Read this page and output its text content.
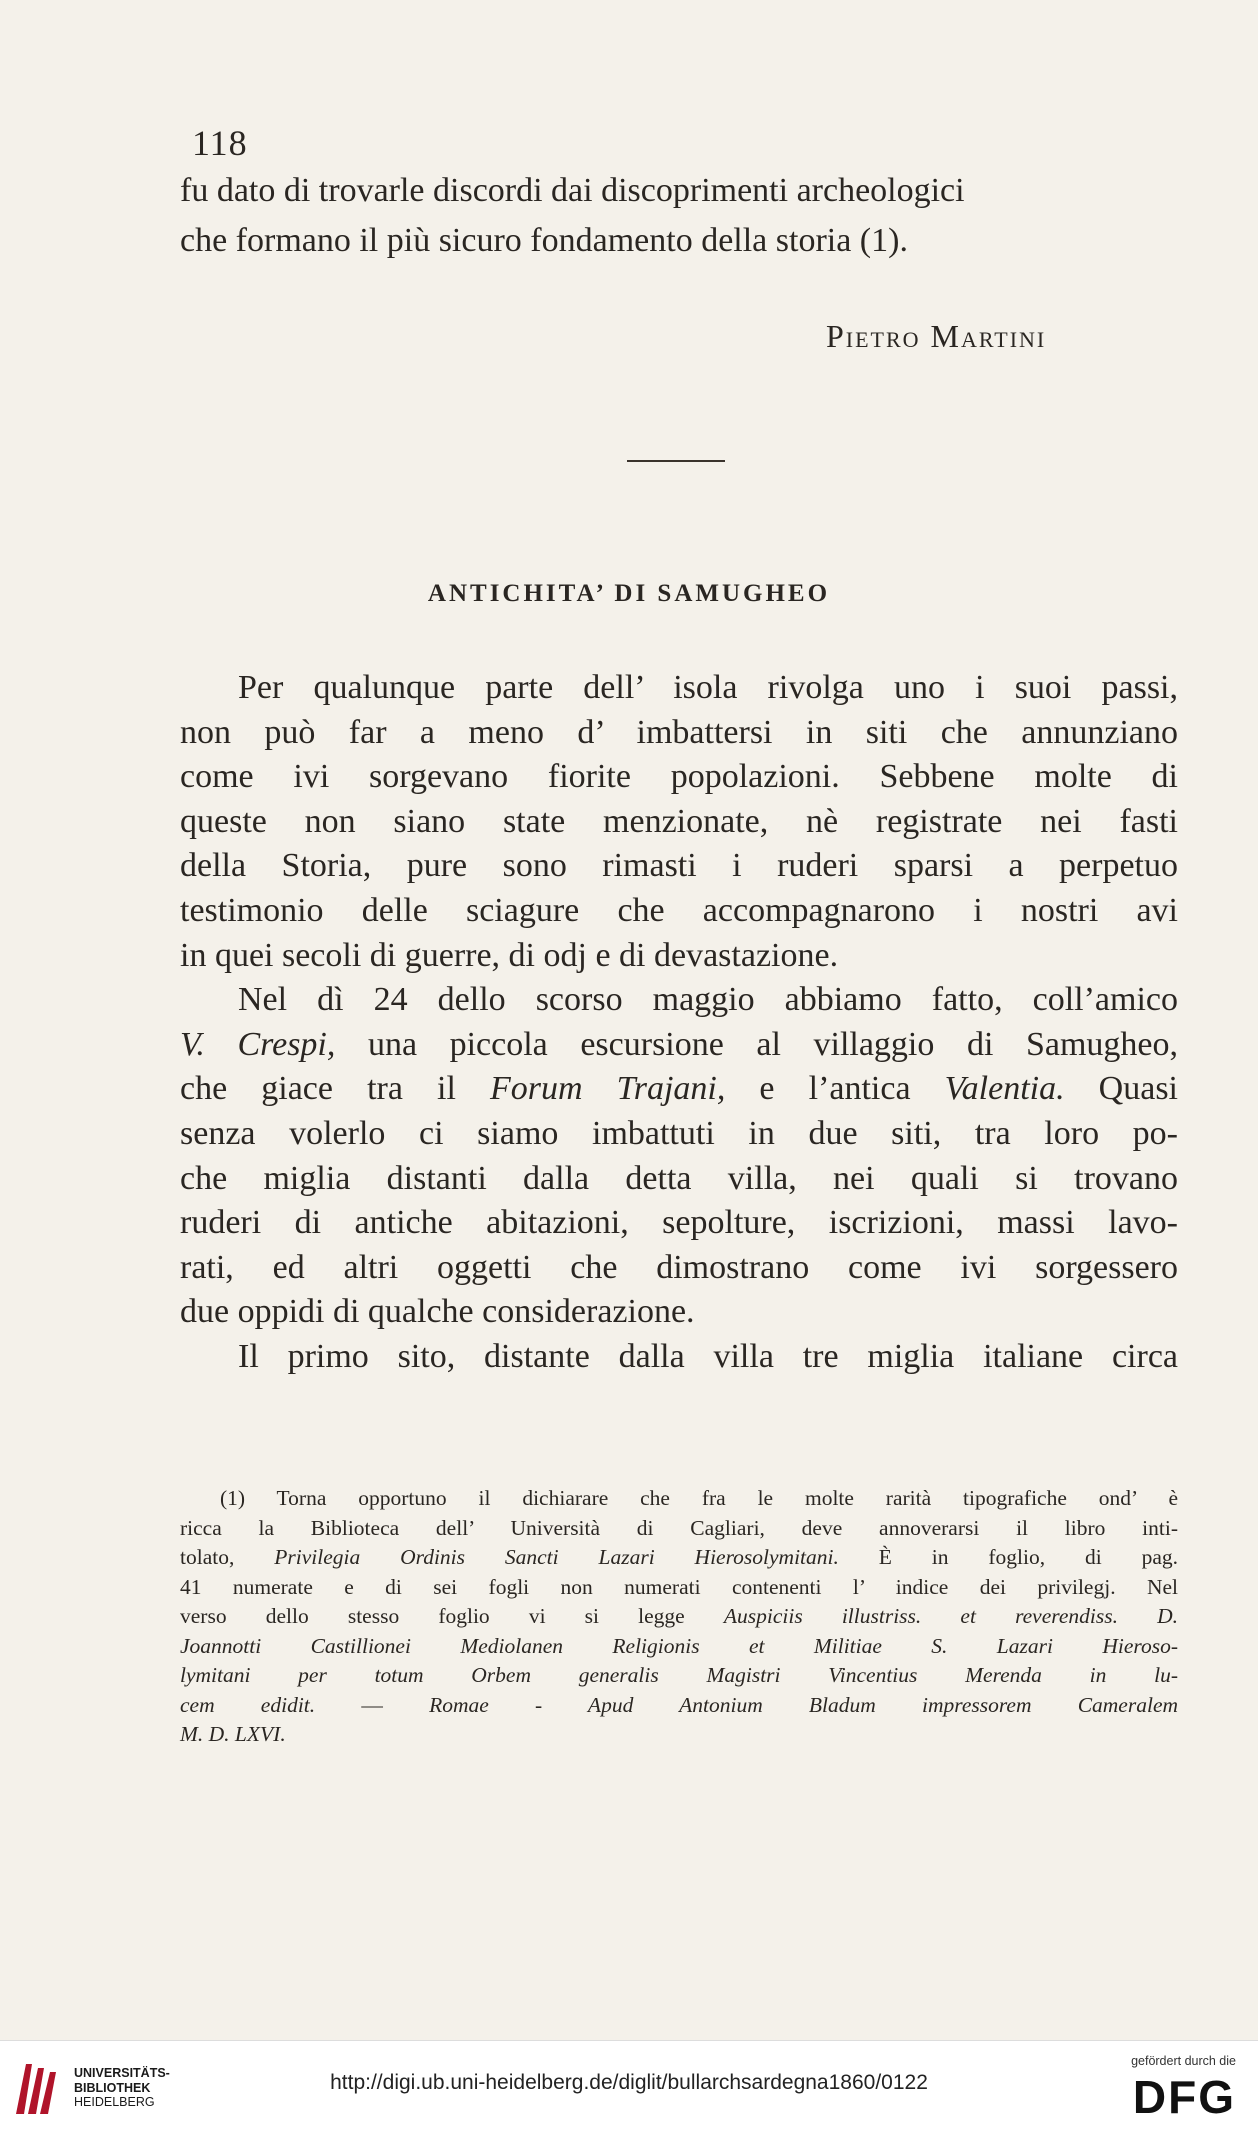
118
fu dato di trovarle discordi dai discoprimenti archeologici
che formano il più sicuro fondamento della storia (1).
Pietro Martini
ANTICHITA’ DI SAMUGHEO
Per qualunque parte dell’ isola rivolga uno i suoi passi,
non può far a meno d’ imbattersi in siti che annunziano
come ivi sorgevano fiorite popolazioni. Sebbene molte di
queste non siano state menzionate, nè registrate nei fasti
della Storia, pure sono rimasti i ruderi sparsi a perpetuo
testimonio delle sciagure che accompagnarono i nostri avi
in quei secoli di guerre, di odj e di devastazione.
Nel dì 24 dello scorso maggio abbiamo fatto, coll’amico
V. Crespi, una piccola escursione al villaggio di Samugheo,
che giace tra il Forum Trajani, e l’antica Valentia. Quasi
senza volerlo ci siamo imbattuti in due siti, tra loro po-
che miglia distanti dalla detta villa, nei quali si trovano
ruderi di antiche abitazioni, sepolture, iscrizioni, massi lavo-
rati, ed altri oggetti che dimostrano come ivi sorgessero
due oppidi di qualche considerazione.
Il primo sito, distante dalla villa tre miglia italiane circa
(1) Torna opportuno il dichiarare che fra le molte rarità tipografiche ond’ è
ricca la Biblioteca dell’ Università di Cagliari, deve annoverarsi il libro inti-
tolato, Privilegia Ordinis Sancti Lazari Hierosolymitani. È in foglio, di pag.
41 numerate e di sei fogli non numerati contenenti l’ indice dei privilegj. Nel
verso dello stesso foglio vi si legge Auspiciis illustriss. et reverendiss. D.
Joannotti Castillionei Mediolanen Religionis et Militiae S. Lazari Hieroso-
lymitani per totum Orbem generalis Magistri Vincentius Merenda in lu-
cem edidit. — Romae - Apud Antonium Bladum impressorem Cameralem
M. D. LXVI.
UNIVERSITÄTS-
BIBLIOTHEK
HEIDELBERG
http://digi.ub.uni-heidelberg.de/diglit/bullarchsardegna1860/0122
gefördert durch die
DFG
